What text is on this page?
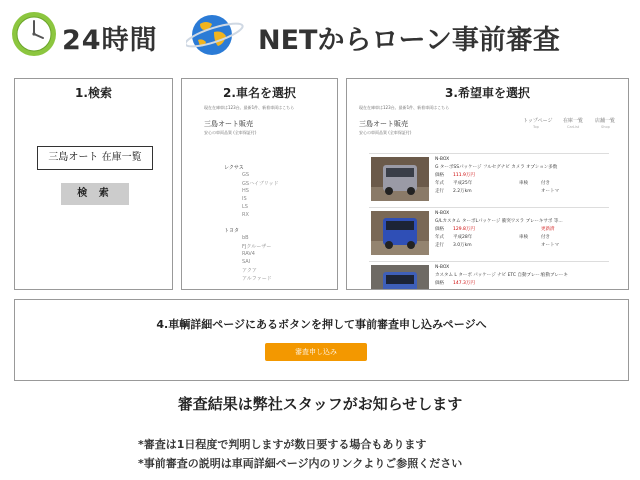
24時間	NETからローン事前審査
1.検索
三島オート 在庫一覧
検 索
2.車名を選択
現在在庫車は123台。最新1件、新着車両はこちら
三島オート販売
安心の車両品質 (全車保証付)
レクサス
GS
GSハイブリッド
HS
IS
LS
RX
トヨタ
bB
FJクルーザー
RAV4
SAI
アクア
アルファード
3.希望車を選択
現在在庫車は123台。最新1件、新着車両はこちら
三島オート販売
安心の車両品質 (全車保証付)
トップページ
Top
在庫一覧
CarList
店舗一覧
Shop
N-BOX
G ターボSSパッケージ フルセグナビ カメラ オプション多数
価格 111.9万円
年式 平成25年
走行 2.2万km
車検	付き
オートマ
N-BOX
G/Lカスタム ターボLパッケージ 衝突ワスラ ブレーキサポ 等...
価格 129.8万円	更新済
年式 平成28年
走行 3.0万km
車検	付き
オートマ
N-BOX
カスタム L ターボ パッケージ ナビ ETC 自動ブレーキ
価格 147.3万円
自動ブレーキ
4.車輌詳細ページにあるボタンを押して事前審査申し込みページへ
審査申し込み
審査結果は弊社スタッフがお知らせします
*審査は1日程度で判明しますが数日要する場合もあります
*事前審査の説明は車両詳細ページ内のリンクよりご参照ください
